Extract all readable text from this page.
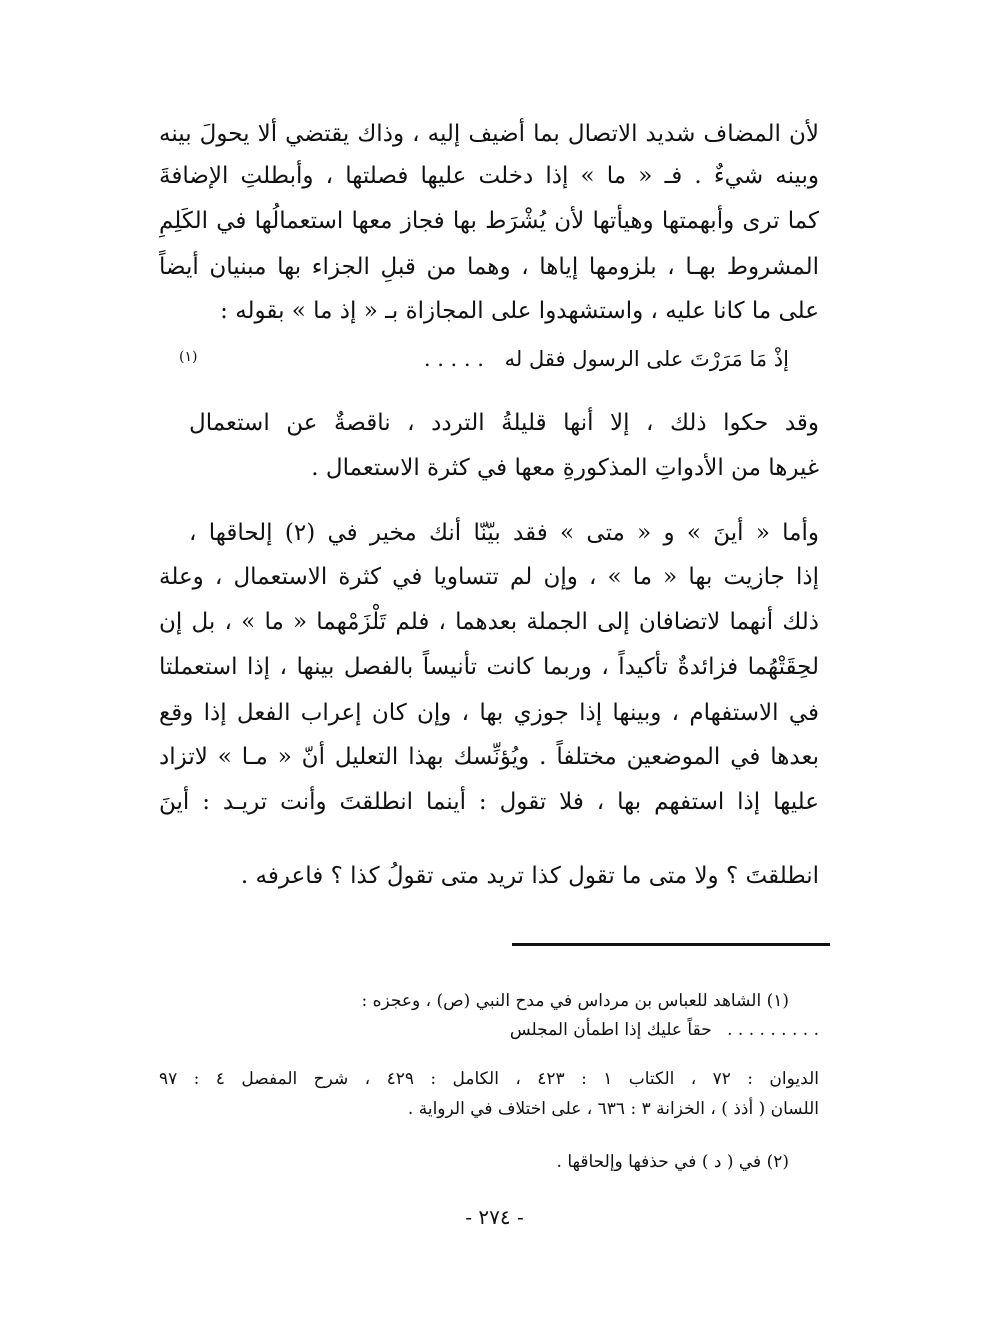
لأن المضاف شديد الاتصال بما أضيف إليه ، وذاك يقتضي ألا يحولَ بينه
وبينه شيءٌ . فـ « ما » إذا دخلت عليها فصلتها ، وأبطلتِ الإضافةَ
كما ترى وأبهمتها وهيأتها لأن يُشْرَط بها فجاز معها استعمالُها في الكَلِمِ
المشروط بهـا ، بلزومها إياها ، وهما من قبلِ الجزاء بها مبنيان أيضاً
على ما كانا عليه ، واستشهدوا على المجازاة بـ « إذ ما » بقوله :
إذْ مَا مَرَرْتَ على الرسول فقل له . . . . .
(١)
وقد حكوا ذلك ، إلا أنها قليلةُ التردد ، ناقصةٌ عن استعمال
غيرها من الأدواتِ المذكورةِ معها في كثرة الاستعمال .
وأما « أينَ » و « متى » فقد بيّنّا أنك مخير في (٢) إلحاقها ،
إذا جازيت بها « ما » ، وإن لم تتساويا في كثرة الاستعمال ، وعلة
ذلك أنهما لاتضافان إلى الجملة بعدهما ، فلم تَلْزَمْهما « ما » ، بل إن
لحِقَتْهُما فزائدةٌ تأكيداً ، وربما كانت تأنيساً بالفصل بينها ، إذا استعملتا
في الاستفهام ، وبينها إذا جوزي بها ، وإن كان إعراب الفعل إذا وقع
بعدها في الموضعين مختلفاً . ويُؤنِّسك بهذا التعليل أنّ « مـا » لاتزاد
عليها إذا استفهم بها ، فلا تقول : أينما انطلقتَ وأنت تريـد : أينَ
انطلقتَ ؟ ولا متى ما تقول كذا تريد متى تقولُ كذا ؟ فاعرفه .
(١) الشاهد للعباس بن مرداس في مدح النبي (ص) ، وعجزه :
. . . . . . . . . حقاً عليك إذا اطمأن المجلس
الديوان : ٧٢ ، الكتاب ١ : ٤٢٣ ، الكامل : ٤٢٩ ، شرح المفصل ٤ : ٩٧
اللسان ( أذذ ) ، الخزانة ٣ : ٦٣٦ ، على اختلاف في الرواية .
(٢) في ( د ) في حذفها وإلحاقها .
- ٢٧٤ -
